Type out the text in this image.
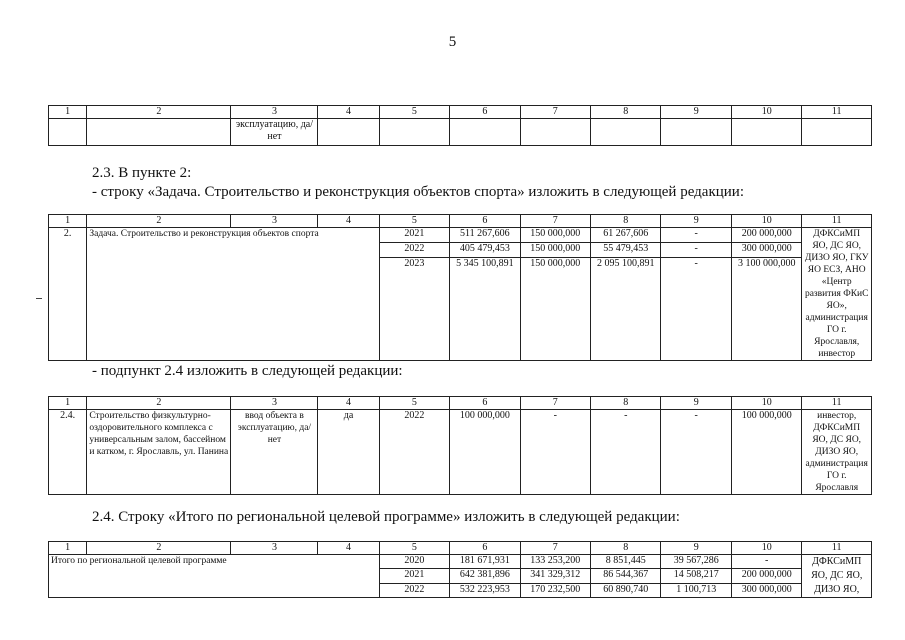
5
1	2	3	4	5	6	7	8	9	10	11
		эксплуатацию, да/нет								
2.3. В пункте 2:
- строку «Задача. Строительство и реконструкция объектов спорта» изложить в следующей редакции:
1	2	3	4	5	6	7	8	9	10	11
2.	Задача. Строительство и реконструкция объектов спорта			2021	511 267,606	150 000,000	61 267,606	-	200 000,000	ДФКСиМП ЯО, ДС ЯО, ДИЗО ЯО, ГКУ ЯО ЕСЗ, АНО «Центр развития ФКиС ЯО», администрация ГО г. Ярославля, инвестор
				2022	405 479,453	150 000,000	55 479,453	-	300 000,000	
				2023	5 345 100,891	150 000,000	2 095 100,891	-	3 100 000,000	
- подпункт 2.4 изложить в следующей редакции:
1	2	3	4	5	6	7	8	9	10	11
2.4.	Строительство физкультурно-оздоровительного комплекса с универсальным залом, бассейном и катком, г. Ярославль, ул. Панина	ввод объекта в эксплуатацию, да/нет	да	2022	100 000,000	-	-	-	100 000,000	инвестор, ДФКСиМП ЯО, ДС ЯО, ДИЗО ЯО, администрация ГО г. Ярославля
2.4. Строку «Итого по региональной целевой программе» изложить в следующей редакции:
1	2	3	4	5	6	7	8	9	10	11
Итого по региональной целевой программе				2020	181 671,931	133 253,200	8 851,445	39 567,286	-	ДФКСиМП ЯО, ДС ЯО, ДИЗО ЯО,
				2021	642 381,896	341 329,312	86 544,367	14 508,217	200 000,000	
				2022	532 223,953	170 232,500	60 890,740	1 100,713	300 000,000	
